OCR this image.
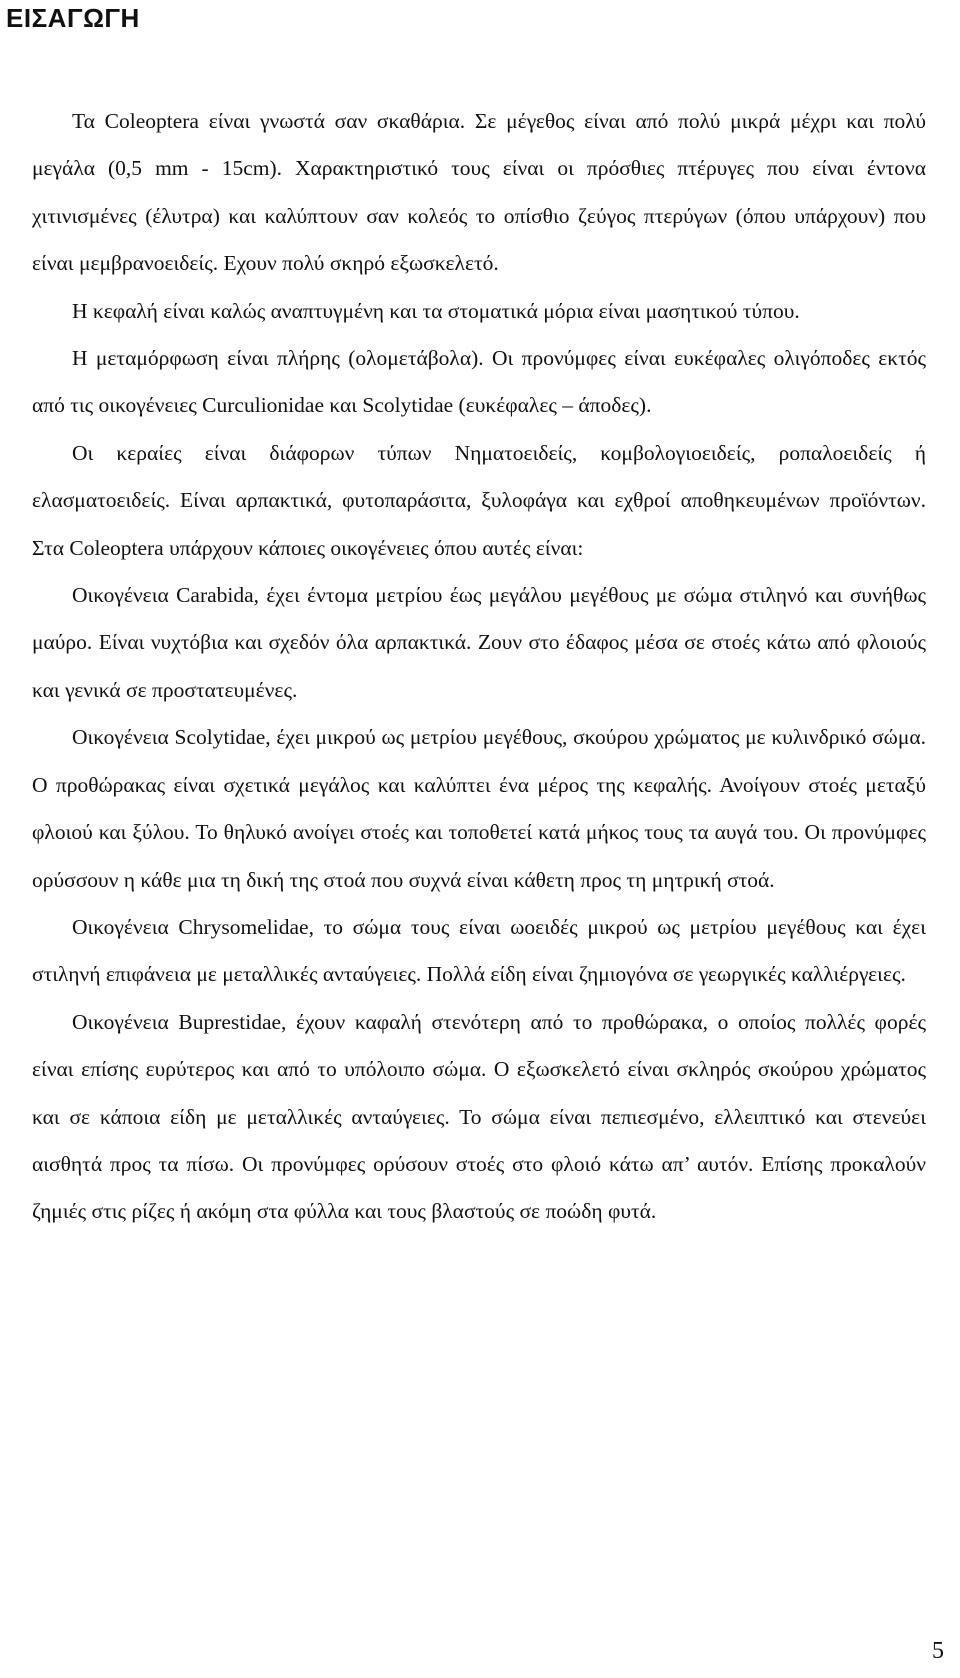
ΕΙΣΑΓΩΓΗ

Τα Coleoptera είναι γνωστά σαν σκαθάρια. Σε μέγεθος είναι από πολύ μικρά μέχρι και πολύ μεγάλα (0,5 mm - 15cm). Χαρακτηριστικό τους είναι οι πρόσθιες πτέρυγες που είναι έντονα χιτινισμένες (έλυτρα) και καλύπτουν σαν κολεός το οπίσθιο ζεύγος πτερύγων (όπου υπάρχουν) που είναι μεμβρανοειδείς. Εχουν πολύ σκηρό εξωσκελετό.

Η κεφαλή είναι καλώς αναπτυγμένη και τα στοματικά μόρια είναι μασητικού τύπου.

Η μεταμόρφωση είναι πλήρης (ολομετάβολα). Οι προνύμφες είναι ευκέφαλες ολιγόποδες εκτός από τις οικογένειες Curculionidae και Scolytidae (ευκέφαλες – άποδες).

Οι κεραίες είναι διάφορων τύπων Νηματοειδείς, κομβολογιοειδείς, ροπαλοειδείς ή ελασματοειδείς. Είναι αρπακτικά, φυτοπαράσιτα, ξυλοφάγα και εχθροί αποθηκευμένων προϊόντων. Στα Coleoptera υπάρχουν κάποιες οικογένειες όπου αυτές είναι:

Οικογένεια Carabida, έχει έντομα μετρίου έως μεγάλου μεγέθους με σώμα στιληνό και συνήθως μαύρο. Είναι νυχτόβια και σχεδόν όλα αρπακτικά. Ζουν στο έδαφος μέσα σε στοές κάτω από φλοιούς και γενικά σε προστατευμένες.

Οικογένεια Scolytidae, έχει μικρού ως μετρίου μεγέθους, σκούρου χρώματος με κυλινδρικό σώμα. Ο προθώρακας είναι σχετικά μεγάλος και καλύπτει ένα μέρος της κεφαλής. Ανοίγουν στοές μεταξύ φλοιού και ξύλου. Το θηλυκό ανοίγει στοές και τοποθετεί κατά μήκος τους τα αυγά του. Οι προνύμφες ορύσσουν η κάθε μια τη δική της στοά που συχνά είναι κάθετη προς τη μητρική στοά.

Οικογένεια Chrysomelidae, το σώμα τους είναι ωοειδές μικρού ως μετρίου μεγέθους και έχει στιληνή επιφάνεια με μεταλλικές ανταύγειες. Πολλά είδη είναι ζημιογόνα σε γεωργικές καλλιέργειες.

Οικογένεια Buprestidae, έχουν καφαλή στενότερη από το προθώρακα, ο οποίος πολλές φορές είναι επίσης ευρύτερος και από το υπόλοιπο σώμα. Ο εξωσκελετό είναι σκληρός σκούρου χρώματος και σε κάποια είδη με μεταλλικές ανταύγειες. Το σώμα είναι πεπιεσμένο, ελλειπτικό και στενεύει αισθητά προς τα πίσω. Οι προνύμφες ορύσουν στοές στο φλοιό κάτω απ’ αυτόν. Επίσης προκαλούν ζημιές στις ρίζες ή ακόμη στα φύλλα και τους βλαστούς σε ποώδη φυτά.

5
